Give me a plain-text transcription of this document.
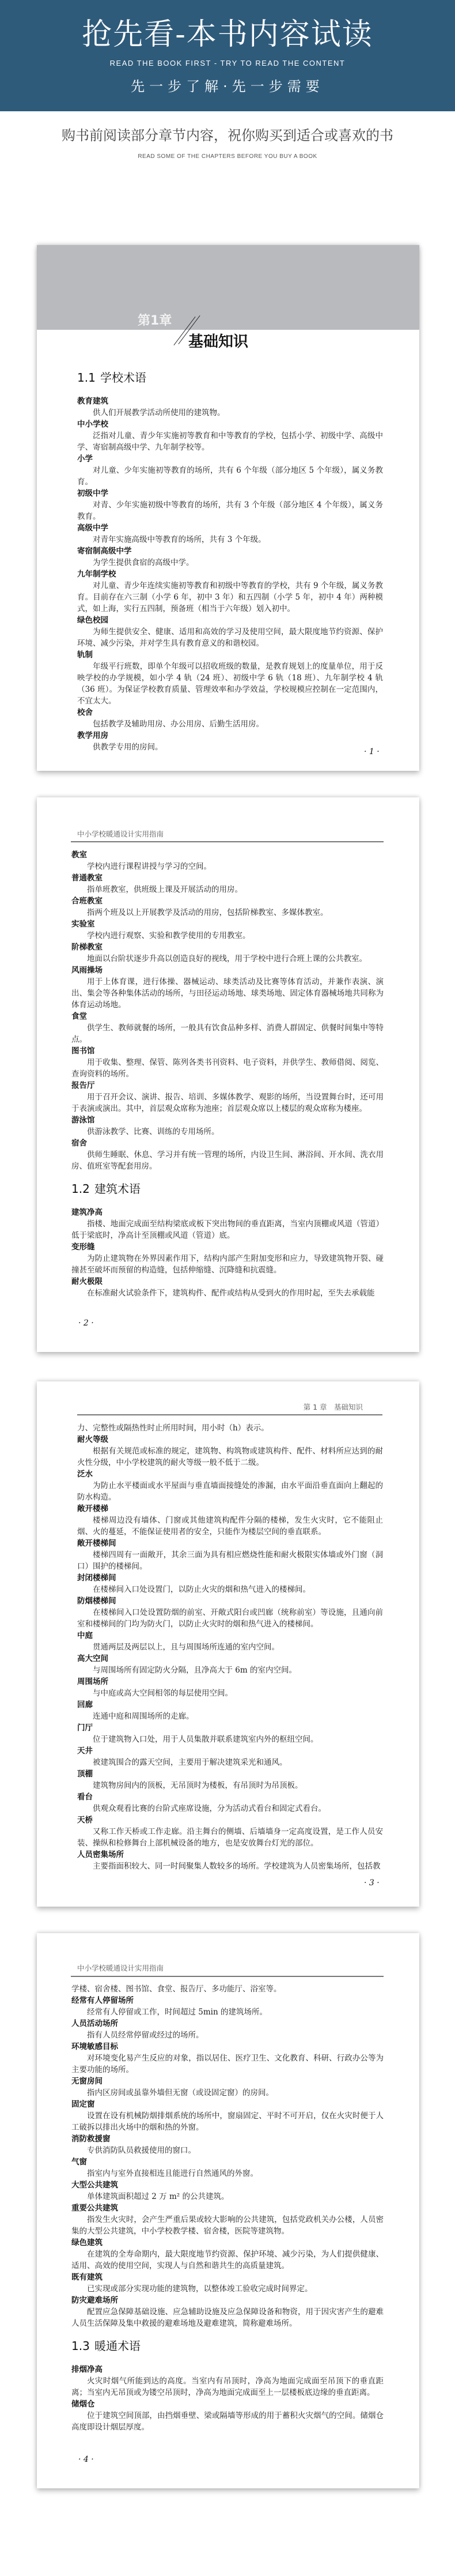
抢先看-本书内容试读
READ THE BOOK FIRST - TRY TO READ THE CONTENT
先一步了解·先一步需要
购书前阅读部分章节内容，祝你购买到适合或喜欢的书
READ SOME OF THE CHAPTERS BEFORE YOU BUY A BOOK
第1章
基础知识
1.1 学校术语
教育建筑
供人们开展教学活动所使用的建筑物。
中小学校
泛指对儿童、青少年实施初等教育和中等教育的学校，包括小学、初级中学、高级中学、寄宿制高级中学、九年制学校等。
小学
对儿童、少年实施初等教育的场所，共有 6 个年级（部分地区 5 个年级），属义务教育。
初级中学
对青、少年实施初级中等教育的场所，共有 3 个年级（部分地区 4 个年级），属义务教育。
高级中学
对青年实施高级中等教育的场所，共有 3 个年级。
寄宿制高级中学
为学生提供食宿的高级中学。
九年制学校
对儿童、青少年连续实施初等教育和初级中等教育的学校，共有 9 个年级，属义务教育。目前存在六三制（小学 6 年，初中 3 年）和五四制（小学 5 年，初中 4 年）两种模式，如上海，实行五四制，预备班（相当于六年级）划入初中。
绿色校园
为师生提供安全、健康、适用和高效的学习及使用空间，最大限度地节约资源、保护环境、减少污染，并对学生具有教育意义的和谐校园。
轨制
年级平行班数，即单个年级可以招收班级的数量，是教育规划上的度量单位，用于反映学校的办学规模，如小学 4 轨（24 班）、初级中学 6 轨（18 班）、九年制学校 4 轨（36 班）。为保证学校教育质量、管理效率和办学效益，学校规模应控制在一定范围内，不宜太大。
校舍
包括教学及辅助用房、办公用房、后勤生活用房。
教学用房
供教学专用的房间。	· 1 ·
中小学校暖通设计实用指南
教室
学校内进行课程讲授与学习的空间。
普通教室
指单班教室，供班级上课及开展活动的用房。
合班教室
指两个班及以上开展教学及活动的用房，包括阶梯教室、多媒体教室。
实验室
学校内进行观察、实验和教学使用的专用教室。
阶梯教室
地面以台阶状逐步升高以创造良好的视线，用于学校中进行合班上课的公共教室。
风雨操场
用于上体育课，进行体操、器械运动、球类活动及比赛等体育活动，并兼作表演、演出、集会等各种集体活动的场所，与田径运动场地、球类场地、固定体育器械场地共同称为体育运动场地。
食堂
供学生、教师就餐的场所，一般具有饮食品种多样、消费人群固定、供餐时间集中等特点。
图书馆
用于收集、整理、保管、陈列各类书刊资料、电子资料，并供学生、教师借阅、阅览、查询资料的场所。
报告厅
用于召开会议、演讲、报告、培训、多媒体教学、观影的场所，当设置舞台时，还可用于表演或演出。其中，首层观众席称为池座；首层观众席以上楼层的观众席称为楼座。
游泳馆
供游泳教学、比赛、训练的专用场所。
宿舍
供师生睡眠、休息、学习并有统一管理的场所，内设卫生间、淋浴间、开水间、洗衣用房、值班室等配套用房。
1.2 建筑术语
建筑净高
指楼、地面完成面至结构梁底或板下突出物间的垂直距离，当室内顶棚或风道（管道）低于梁底时，净高计至顶棚或风道（管道）底。
变形缝
为防止建筑物在外界因素作用下，结构内部产生附加变形和应力，导致建筑物开裂、碰撞甚至破坏而预留的构造缝，包括伸缩缝、沉降缝和抗震缝。
耐火极限
在标准耐火试验条件下，建筑构件、配件或结构从受到火的作用时起，至失去承载能
· 2 ·
第 1 章　基础知识
力、完整性或隔热性时止所用时间，用小时（h）表示。
耐火等级
根据有关规范或标准的规定，建筑物、构筑物或建筑构件、配件、材料所应达到的耐火性分级，中小学校建筑的耐火等级一般不低于二级。
泛水
为防止水平楼面或水平屋面与垂直墙面接缝处的渗漏，由水平面沿垂直面向上翻起的防水构造。
敞开楼梯
楼梯周边没有墙体、门窗或其他建筑构配件分隔的楼梯，发生火灾时，它不能阻止烟、火的蔓延，不能保证使用者的安全，只能作为楼层空间的垂直联系。
敞开楼梯间
楼梯四周有一面敞开，其余三面为具有相应燃烧性能和耐火极限实体墙或外门窗（洞口）围护的楼梯间。
封闭楼梯间
在楼梯间入口处设置门，以防止火灾的烟和热气进入的楼梯间。
防烟楼梯间
在楼梯间入口处设置防烟的前室、开敞式阳台或凹廊（统称前室）等设施，且通向前室和楼梯间的门均为防火门，以防止火灾时的烟和热气进入的楼梯间。
中庭
贯通两层及两层以上，且与周围场所连通的室内空间。
高大空间
与周围场所有固定防火分隔，且净高大于 6m 的室内空间。
周围场所
与中庭或高大空间相邻的每层使用空间。
回廊
连通中庭和周围场所的走廊。
门厅
位于建筑物入口处，用于人员集散并联系建筑室内外的枢纽空间。
天井
被建筑围合的露天空间，主要用于解决建筑采光和通风。
顶棚
建筑物房间内的顶板，无吊顶时为楼板，有吊顶时为吊顶板。
看台
供观众观看比赛的台阶式座席设施，分为活动式看台和固定式看台。
天桥
又称工作天桥或工作走廊。沿主舞台的侧墙、后墙墙身一定高度设置，是工作人员安装、操纵和检修舞台上部机械设备的地方，也是安放舞台灯光的部位。
人员密集场所
主要指面积较大、同一时间聚集人数较多的场所。学校建筑为人员密集场所，包括教
· 3 ·
中小学校暖通设计实用指南
学楼、宿舍楼、图书馆、食堂、报告厅、多功能厅、浴室等。
经常有人停留场所
经常有人停留或工作，时间超过 5min 的建筑场所。
人员活动场所
指有人员经常停留或经过的场所。
环境敏感目标
对环境变化易产生反应的对象，指以居住、医疗卫生、文化教育、科研、行政办公等为主要功能的场所。
无窗房间
指内区房间或虽靠外墙但无窗（或设固定窗）的房间。
固定窗
设置在设有机械防烟排烟系统的场所中，窗扇固定、平时不可开启，仅在火灾时便于人工破拆以排出火场中的烟和热的外窗。
消防救援窗
专供消防队员救援使用的窗口。
气窗
指室内与室外直接相连且能进行自然通风的外窗。
大型公共建筑
单体建筑面积超过 2 万 m² 的公共建筑。
重要公共建筑
指发生火灾时，会产生严重后果或较大影响的公共建筑，包括党政机关办公楼，人员密集的大型公共建筑，中小学校教学楼、宿舍楼，医院等建筑物。
绿色建筑
在建筑的全寿命期内，最大限度地节约资源、保护环境、减少污染，为人们提供健康、适用、高效的使用空间，实现人与自然和谐共生的高质量建筑。
既有建筑
已实现或部分实现功能的建筑物，以整体竣工验收完成时间界定。
防灾避难场所
配置应急保障基础设施、应急辅助设施及应急保障设备和物资，用于因灾害产生的避难人员生活保障及集中救援的避难场地及避难建筑，简称避难场所。
1.3 暖通术语
排烟净高
火灾时烟气所能到达的高度。当室内有吊顶时，净高为地面完成面至吊顶下的垂直距离；当室内无吊顶或为镂空吊顶时，净高为地面完成面至上一层楼板底边缘的垂直距离。
储烟仓
位于建筑空间顶部，由挡烟垂壁、梁或隔墙等形成的用于蓄积火灾烟气的空间。储烟仓高度即设计烟层厚度。
· 4 ·
